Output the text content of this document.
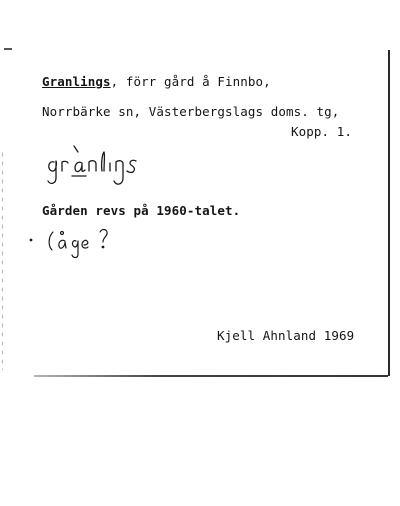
Granlings, förr gård å Finnbo,
Norrbärke sn, Västerbergslags doms. tg,
Kopp. 1.
Gården revs på 1960-talet.
Kjell Ahnland 1969
